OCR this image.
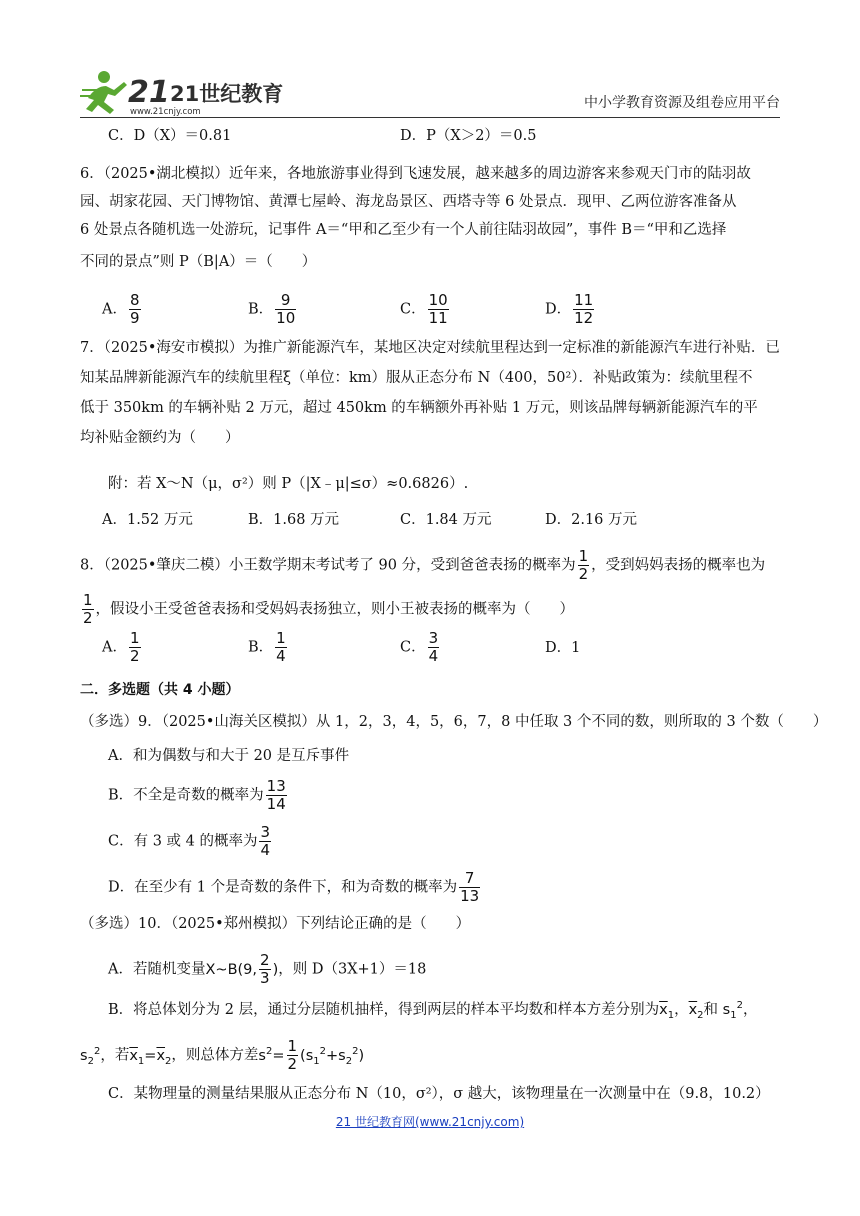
21 21世纪教育
www.21cnjy.com
中小学教育资源及组卷应用平台
C．D（X）＝0.81	D．P（X＞2）＝0.5
6．（2025•湖北模拟）近年来，各地旅游事业得到飞速发展，越来越多的周边游客来参观天门市的陆羽故
园、胡家花园、天门博物馆、黄潭七屋岭、海龙岛景区、西塔寺等 6 处景点．现甲、乙两位游客准备从
6 处景点各随机选一处游玩，记事件 A＝“甲和乙至少有一个人前往陆羽故园”，事件 B＝“甲和乙选择
不同的景点”则 P（B|A）＝（　　）
A． $\frac{8}{9}$	B． $\frac{9}{10}$	C． $\frac{10}{11}$	D． $\frac{11}{12}$
7．（2025•海安市模拟）为推广新能源汽车，某地区决定对续航里程达到一定标准的新能源汽车进行补贴．已
知某品牌新能源汽车的续航里程ξ（单位：km）服从正态分布 N（400，50²）．补贴政策为：续航里程不
低于 350km 的车辆补贴 2 万元，超过 450km 的车辆额外再补贴 1 万元，则该品牌每辆新能源汽车的平
均补贴金额约为（　　）
附：若 X～N（μ，σ²）则 P（|X﹣μ|≤σ）≈0.6826）.
A．1.52 万元	B．1.68 万元	C．1.84 万元	D．2.16 万元
8．（2025•肇庆二模）小王数学期末考试考了 90 分，受到爸爸表扬的概率为 $\frac{1}{2}$ ，受到妈妈表扬的概率也为
$\frac{1}{2}$ ，假设小王受爸爸表扬和受妈妈表扬独立，则小王被表扬的概率为（　　）
A． $\frac{1}{2}$	B． $\frac{1}{4}$	C． $\frac{3}{4}$	D．1
二．多选题（共 4 小题）
（多选）9．（2025•山海关区模拟）从 1，2，3，4，5，6，7，8 中任取 3 个不同的数，则所取的 3 个数（　　）
A．和为偶数与和大于 20 是互斥事件
B．不全是奇数的概率为 $\frac{13}{14}$
C．有 3 或 4 的概率为 $\frac{3}{4}$
D．在至少有 1 个是奇数的条件下，和为奇数的概率为 $\frac{7}{13}$
（多选）10．（2025•郑州模拟）下列结论正确的是（　　）
A．若随机变量X~B(9, $\frac{2}{3}$ )，则 D（3X+1）＝18
B．将总体划分为 2 层，通过分层随机抽样，得到两层的样本平均数和样本方差分别为$\overline{x}_1$，$\overline{x}_2$和 $s_1^2$，
$s_2^2$，若$\overline{x}_1=\overline{x}_2$，则总体方差$s^2= \frac{1}{2} (s_1^2+s_2^2)$
C．某物理量的测量结果服从正态分布 N（10，σ²），σ 越大，该物理量在一次测量中在（9.8，10.2）
21 世纪教育网(www.21cnjy.com)
